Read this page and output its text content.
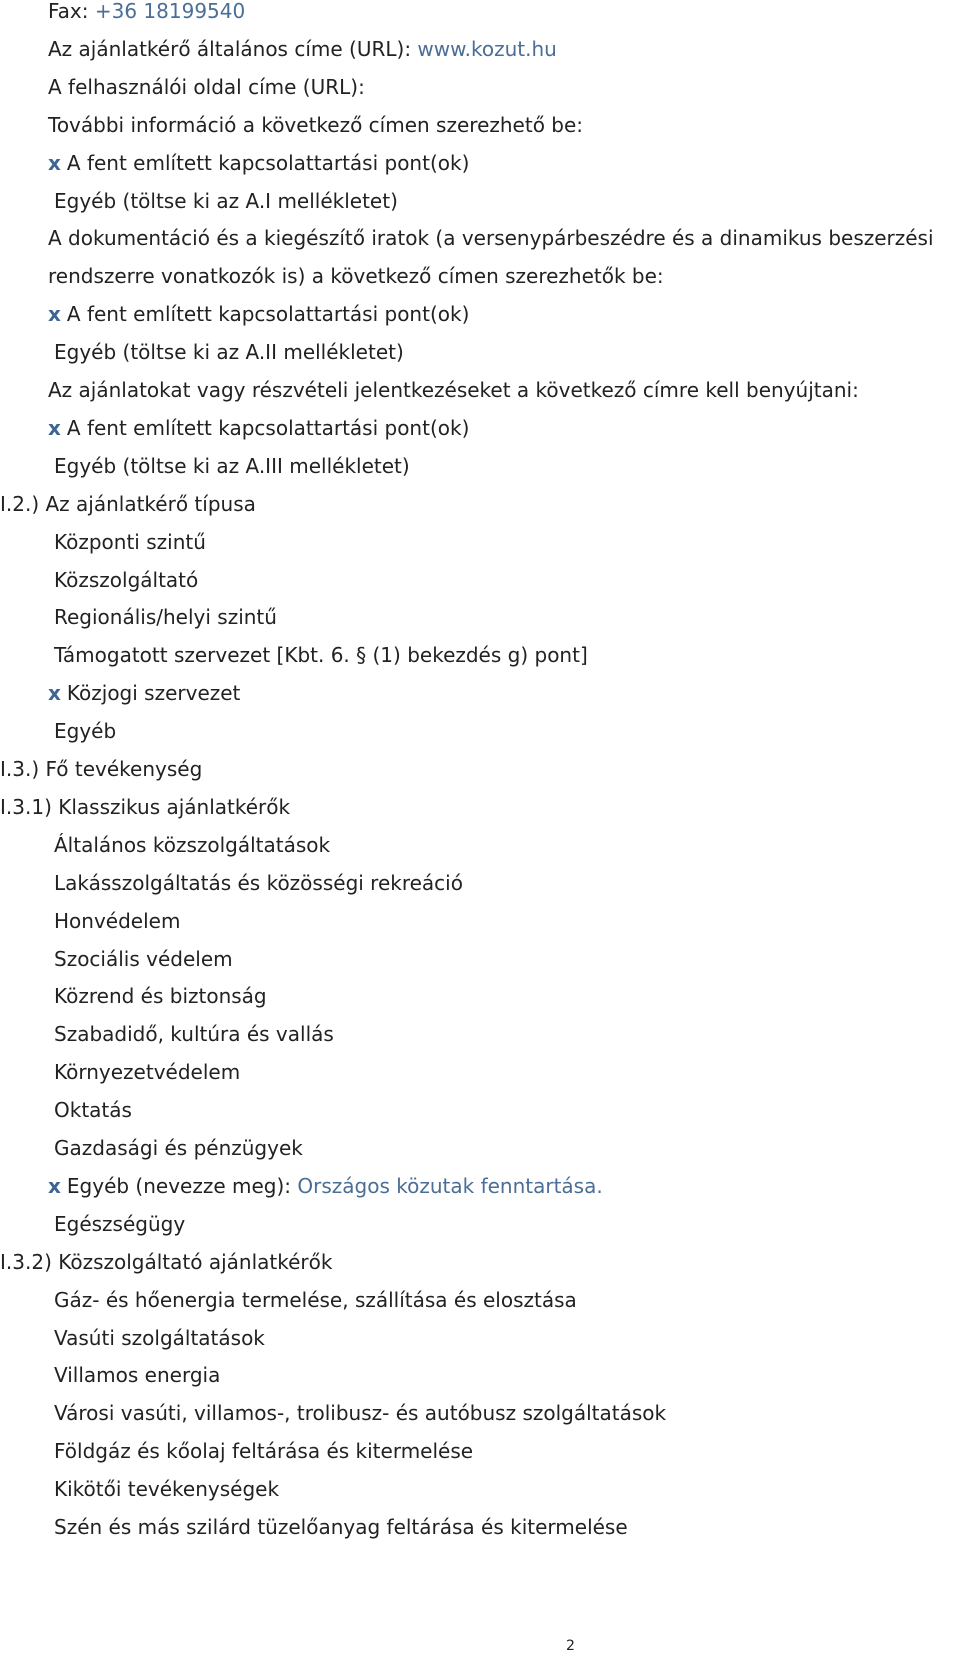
Fax: +36 18199540
Az ajánlatkérő általános címe (URL): www.kozut.hu
A felhasználói oldal címe (URL):
További információ a következő címen szerezhető be:
x A fent említett kapcsolattartási pont(ok)
Egyéb (töltse ki az A.I mellékletet)
A dokumentáció és a kiegészítő iratok (a versenypárbeszédre és a dinamikus beszerzési
rendszerre vonatkozók is) a következő címen szerezhetők be:
x A fent említett kapcsolattartási pont(ok)
Egyéb (töltse ki az A.II mellékletet)
Az ajánlatokat vagy részvételi jelentkezéseket a következő címre kell benyújtani:
x A fent említett kapcsolattartási pont(ok)
Egyéb (töltse ki az A.III mellékletet)
I.2.) Az ajánlatkérő típusa
Központi szintű
Közszolgáltató
Regionális/helyi szintű
Támogatott szervezet [Kbt. 6. § (1) bekezdés g) pont]
x Közjogi szervezet
Egyéb
I.3.) Fő tevékenység
I.3.1) Klasszikus ajánlatkérők
Általános közszolgáltatások
Lakásszolgáltatás és közösségi rekreáció
Honvédelem
Szociális védelem
Közrend és biztonság
Szabadidő, kultúra és vallás
Környezetvédelem
Oktatás
Gazdasági és pénzügyek
x Egyéb (nevezze meg): Országos közutak fenntartása.
Egészségügy
I.3.2) Közszolgáltató ajánlatkérők
Gáz- és hőenergia termelése, szállítása és elosztása
Vasúti szolgáltatások
Villamos energia
Városi vasúti, villamos-, trolibusz- és autóbusz szolgáltatások
Földgáz és kőolaj feltárása és kitermelése
Kikötői tevékenységek
Szén és más szilárd tüzelőanyag feltárása és kitermelése
2
